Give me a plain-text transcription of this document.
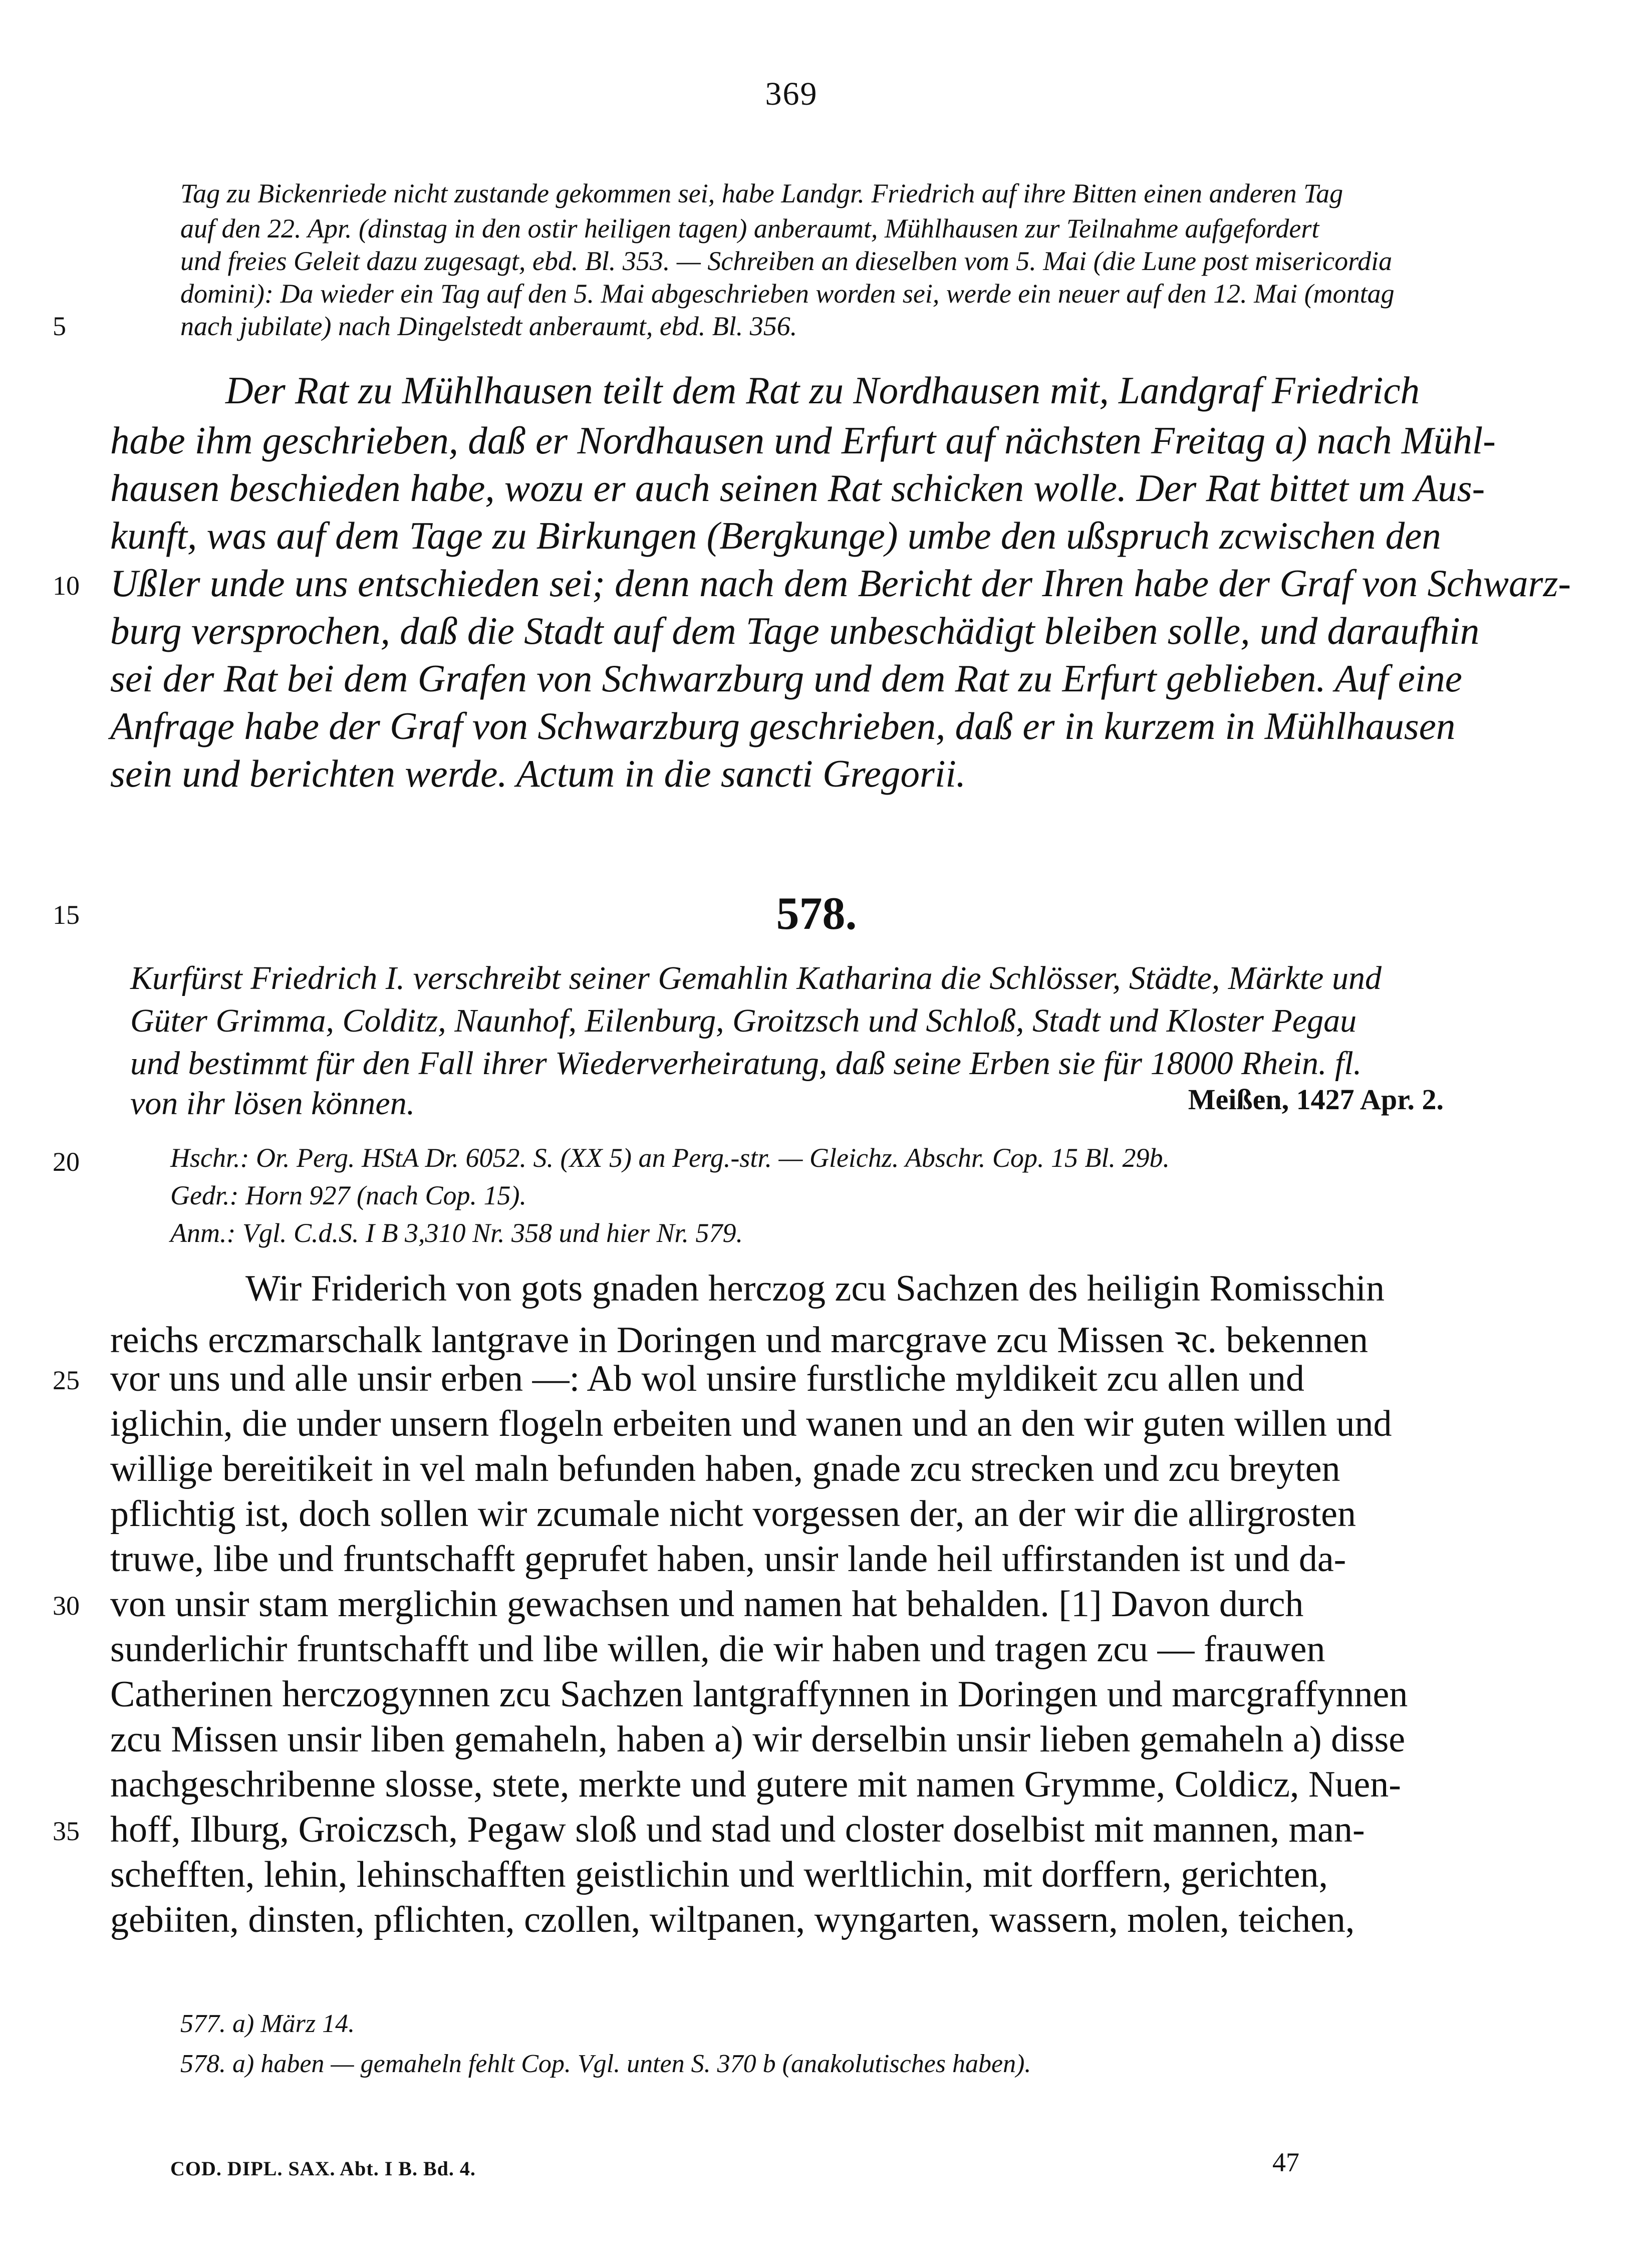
369
Tag zu Bickenriede nicht zustande gekommen sei, habe Landgr. Friedrich auf ihre Bitten einen anderen Tag
auf den 22. Apr. (dinstag in den ostir heiligen tagen) anberaumt, Mühlhausen zur Teilnahme aufgefordert
und freies Geleit dazu zugesagt, ebd. Bl. 353. — Schreiben an dieselben vom 5. Mai (die Lune post misericordia
domini): Da wieder ein Tag auf den 5. Mai abgeschrieben worden sei, werde ein neuer auf den 12. Mai (montag
5	nach jubilate) nach Dingelstedt anberaumt, ebd. Bl. 356.
Der Rat zu Mühlhausen teilt dem Rat zu Nordhausen mit, Landgraf Friedrich
habe ihm geschrieben, daß er Nordhausen und Erfurt auf nächsten Freitag a) nach Mühl-
hausen beschieden habe, wozu er auch seinen Rat schicken wolle. Der Rat bittet um Aus-
kunft, was auf dem Tage zu Birkungen (Bergkunge) umbe den ußspruch zcwischen den
10 Ußler unde uns entschieden sei; denn nach dem Bericht der Ihren habe der Graf von Schwarz-
burg versprochen, daß die Stadt auf dem Tage unbeschädigt bleiben solle, und daraufhin
sei der Rat bei dem Grafen von Schwarzburg und dem Rat zu Erfurt geblieben. Auf eine
Anfrage habe der Graf von Schwarzburg geschrieben, daß er in kurzem in Mühlhausen
sein und berichten werde. Actum in die sancti Gregorii.
15	578.
Kurfürst Friedrich I. verschreibt seiner Gemahlin Katharina die Schlösser, Städte, Märkte und
Güter Grimma, Colditz, Naunhof, Eilenburg, Groitzsch und Schloß, Stadt und Kloster Pegau
und bestimmt für den Fall ihrer Wiederverheiratung, daß seine Erben sie für 18000 Rhein. fl.
von ihr lösen können.	Meißen, 1427 Apr. 2.
20	Hschr.: Or. Perg. HStA Dr. 6052. S. (XX 5) an Perg.-str. — Gleichz. Abschr. Cop. 15 Bl. 29b.
Gedr.: Horn 927 (nach Cop. 15).
Anm.: Vgl. C.d.S. I B 3,310 Nr. 358 und hier Nr. 579.
Wir Friderich von gots gnaden herczog zcu Sachzen des heiligin Romisschin
reichs erczmarschalk lantgrave in Doringen und marcgrave zcu Missen ꝛc. bekennen
25 vor uns und alle unsir erben —: Ab wol unsire furstliche myldikeit zcu allen und
iglichin, die under unsern flogeln erbeiten und wanen und an den wir guten willen und
willige bereitikeit in vel maln befunden haben, gnade zcu strecken und zcu breyten
pflichtig ist, doch sollen wir zcumale nicht vorgessen der, an der wir die allirgrosten
truwe, libe und fruntschafft geprufet haben, unsir lande heil uffirstanden ist und da-
30 von unsir stam merglichin gewachsen und namen hat behalden. [1] Davon durch
sunderlichir fruntschafft und libe willen, die wir haben und tragen zcu — frauwen
Catherinen herczogynnen zcu Sachzen lantgraffynnen in Doringen und marcgraffynnen
zcu Missen unsir liben gemaheln, haben a) wir derselbin unsir lieben gemaheln a) disse
nachgeschribenne slosse, stete, merkte und gutere mit namen Grymme, Coldicz, Nuen-
35 hoff, Ilburg, Groiczsch, Pegaw sloß und stad und closter doselbist mit mannen, man-
schefften, lehin, lehinschafften geistlichin und werltlichin, mit dorffern, gerichten,
gebiiten, dinsten, pflichten, czollen, wiltpanen, wyngarten, wassern, molen, teichen,
577. a) März 14.
578. a) haben — gemaheln fehlt Cop. Vgl. unten S. 370 b (anakolutisches haben).
COD. DIPL. SAX. Abt. I B. Bd. 4.	47
